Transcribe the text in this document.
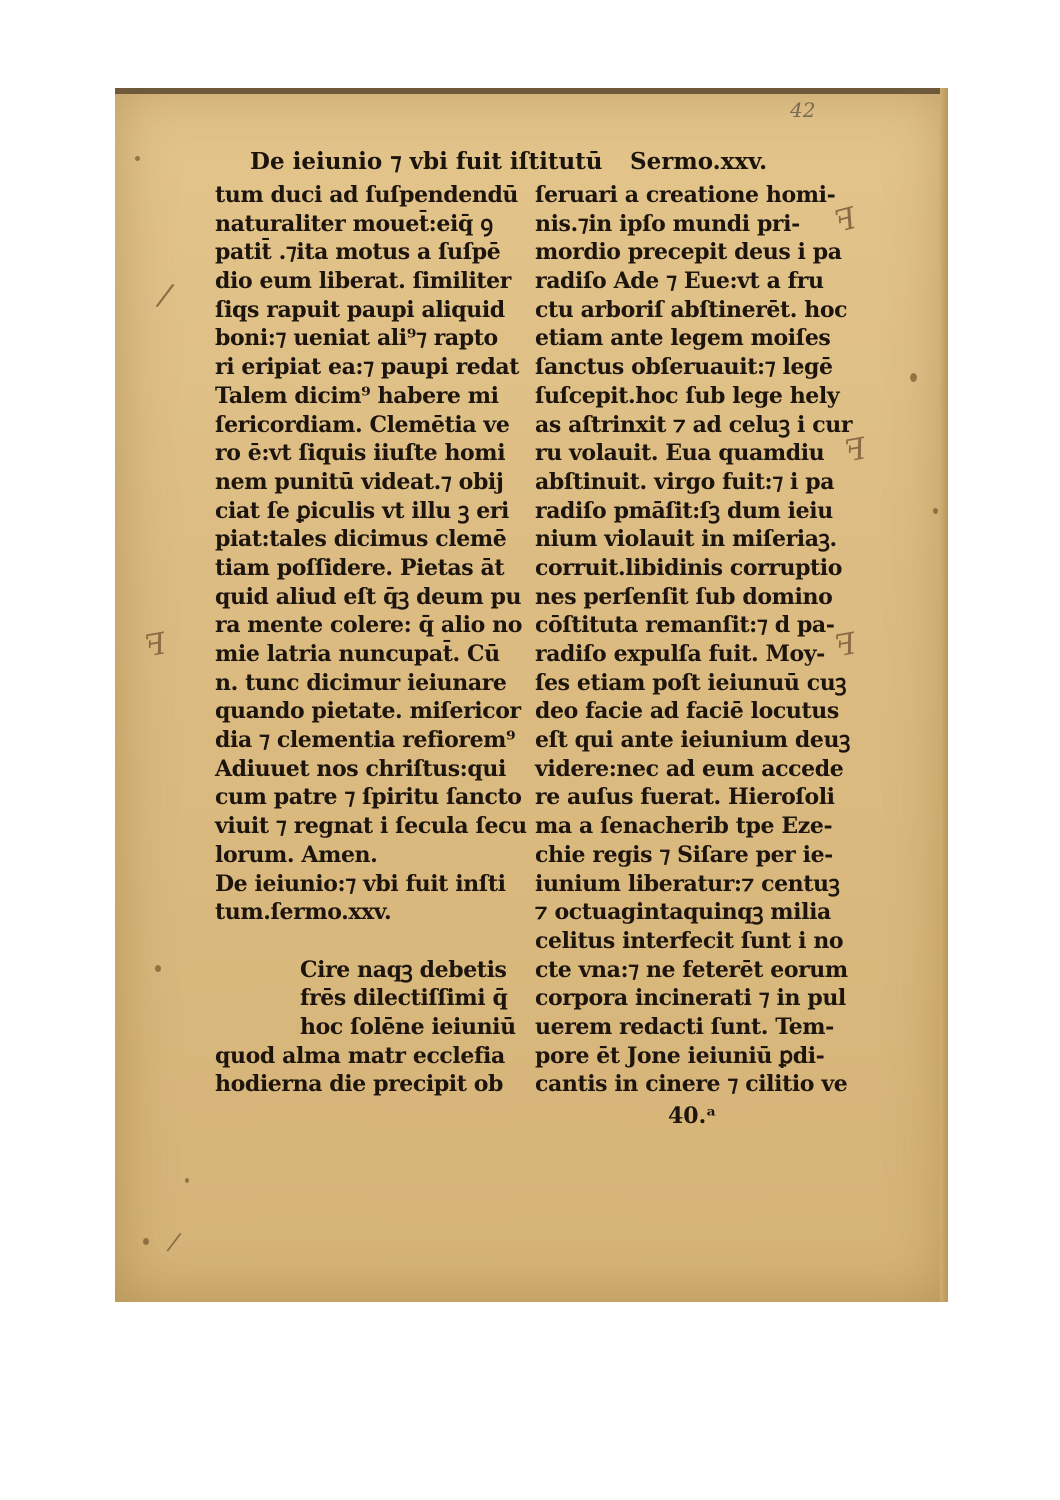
42
De ieiunio ⁊ vbi fuit iſtitutū Sermo.xxv.
tum duci ad ſuſpendendū
naturaliter mouet̄:eiq̄ ꝯ
patit̄ .⁊ita motus a ſuſpē
dio eum liberat. ſimiliter
ſiqs rapuit paupi aliquid
boni:⁊ ueniat ali⁹⁊ rapto
ri eripiat ea:⁊ paupi redat
Talem dicim⁹ habere mi
ſericordiam. Clemētia ve
ro ē:vt ſiquis iiuſte homi
nem punitū videat.⁊ obij
ciat ſe ꝑiculis vt illu ꝫ eri
piat:tales dicimus clemē
tiam poſſidere. Pietas āt
quid aliud eſt q̄ꝫ deum pu
ra mente colere: q̄ alio no
mie latria nuncupat̄. Cū
n. tunc dicimur ieiunare
quando pietate. miſericor
dia ⁊ clementia refiorem⁹
Adiuuet nos chriſtus:qui
cum patre ⁊ ſpiritu ſancto
viuit ⁊ regnat i ſecula ſecu
lorum. Amen.
De ieiunio:⁊ vbi fuit inſti
tum.ſermo.xxv.
Cire naqꝫ debetis
frēs dilectiſſimi q̄
hoc ſolēne ieiuniū
quod alma matr ecclefia
hodierna die precipit ob
ſeruari a creatione homi-
nis.⁊in ipſo mundi pri-
mordio precepit deus i pa
radiſo Ade ⁊ Eue:vt a fru
ctu arboriſ abſtinerēt. hoc
etiam ante legem moiſes
ſanctus obſeruauit:⁊ legē
ſuſcepit.hoc ſub lege hely
as aſtrinxit ⁊ ad celuꝫ i cur
ru volauit. Eua quamdiu
abſtinuit. virgo fuit:⁊ i pa
radiſo pmāſit:ſꝫ dum ieiu
nium violauit in miſeriaꝫ.
corruit.libidinis corruptio
nes perſenſit ſub domino
cōſtituta remanſit:⁊ d pa-
radiſo expulſa fuit. Moy-
ſes etiam poſt ieiunuū cuꝫ
deo facie ad faciē locutus
eſt qui ante ieiunium deuꝫ
videre:nec ad eum accede
re auſus fuerat. Hieroſoli
ma a ſenacherib tpe Eze-
chie regis ⁊ Siſare per ie-
iunium liberatur:⁊ centuꝫ
⁊ octuagintaquinqꝫ milia
celitus interfecit ſunt i no
cte vna:⁊ ne feterēt eorum
corpora incinerati ⁊ in pul
uerem redacti ſunt. Tem-
pore ēt Jone ieiuniū ꝑdi-
cantis in cinere ⁊ cilitio ve
40.ᵃ
ꟻ
ꟻ
ꟻ
ꟻ
/
/
